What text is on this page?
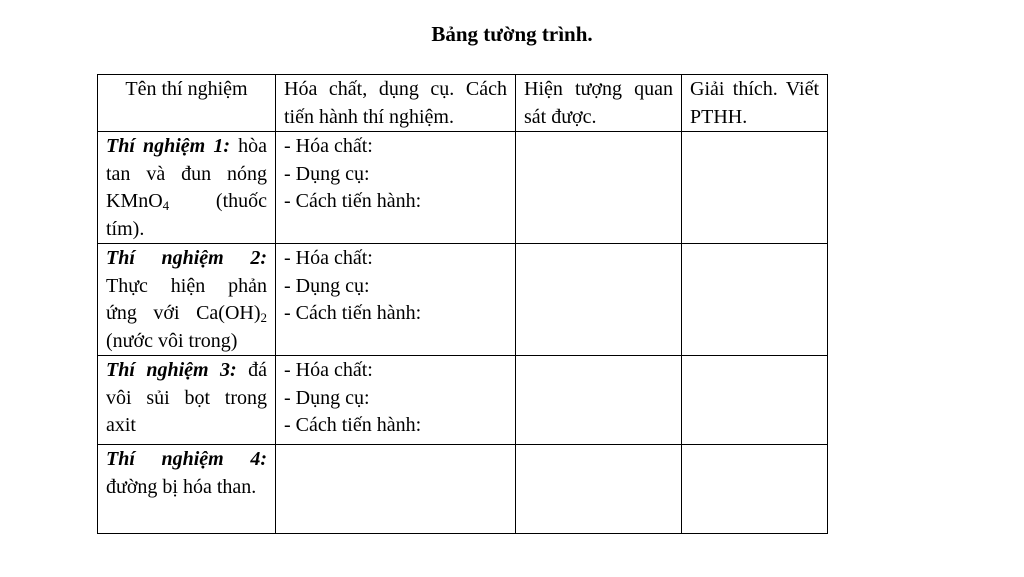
Bảng tường trình.
Tên thí nghiệm	Hóa chất, dụng cụ. Cách tiến hành thí nghiệm.	Hiện tượng quan sát được.	Giải thích. Viết PTHH.
Thí nghiệm 1: hòa tan và đun nóng KMnO$_4$ (thuốc tím).	- Hóa chất:
- Dụng cụ:
- Cách tiến hành:		

Thí nghiệm 2: Thực hiện phản ứng với $Ca(OH)_2$ (nước vôi trong)	- Hóa chất:
- Dụng cụ:
- Cách tiến hành:		

Thí nghiệm 3: đá vôi sủi bọt trong axit	- Hóa chất:
- Dụng cụ:
- Cách tiến hành:		

Thí nghiệm 4: đường bị hóa than.			
